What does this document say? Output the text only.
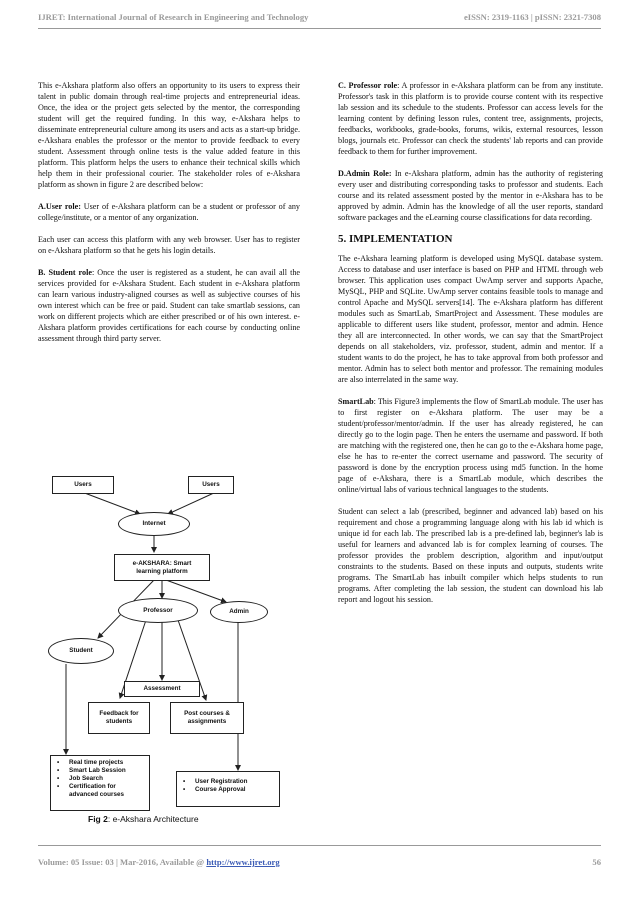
IJRET: International Journal of Research in Engineering and Technology	eISSN: 2319-1163 | pISSN: 2321-7308

This e-Akshara platform also offers an opportunity to its users to express their talent in public domain through real-time projects and entrepreneurial ideas. Once, the idea or the project gets selected by the mentor, the corresponding student will get the required funding. In this way, e-Akshara helps to disseminate entrepreneurial culture among its users and acts as a start-up bridge. e-Akshara enables the professor or the mentor to provide feedback to every student. Assessment through online tests is the value added feature in this platform. This platform helps the users to enhance their technical skills which help them in their professional courier. The stakeholder roles of e-Akshara platform as shown in figure 2 are described below:

A.User role: User of e-Akshara platform can be a student or professor of any college/institute, or a mentor of any organization.

Each user can access this platform with any web browser. User has to register on e-Akshara platform so that he gets his login details.

B. Student role: Once the user is registered as a student, he can avail all the services provided for e-Akshara Student. Each student in e-Akshara platform can learn various industry-aligned courses as well as subjective courses of his own interest which can be free or paid. Student can take smartlab sessions, can work on different projects which are either prescribed or of his own interest. e-Akshara platform provides certifications for each course by conducting online assessment through third party server.

Users	Users
Internet
e-AKSHARA: Smart learning platform
Professor	Admin
Student
Assessment
Feedback for students
Post courses & assignments
•	Real time projects
•	Smart Lab Session
•	Job Search
•	Certification for advanced courses
•	User Registration
•	Course Approval
Fig 2: e-Akshara Architecture

C. Professor role: A professor in e-Akshara platform can be from any institute. Professor's task in this platform is to provide course content with its respective lab session and its schedule to the students. Professor can access levels for the learning content by defining lesson rules, content tree, assignments, projects, feedbacks, workbooks, grade-books, forums, wikis, external resources, lesson blogs, journals etc. Professor can check the students' lab reports and can provide feedback to them for further improvement.

D.Admin Role: In e-Akshara platform, admin has the authority of registering every user and distributing corresponding tasks to professor and students. Each course and its related assessment posted by the mentor in e-Akshara has to be approved by admin. Admin has the knowledge of all the user reports, standard software packages and the eLearning course classifications for data recording.

5. IMPLEMENTATION

The e-Akshara learning platform is developed using MySQL database system. Access to database and user interface is based on PHP and HTML through web browser. This application uses compact UwAmp server and supports Apache, MySQL, PHP and SQLite. UwAmp server contains feasible tools to manage and control Apache and MySQL servers[14]. The e-Akshara platform has different modules such as SmartLab, SmartProject and Assessment. These modules are applicable to different users like student, professor, mentor and admin. Hence they all are interconnected. In other words, we can say that the SmartProject depends on all stakeholders, viz. professor, student, admin and mentor. If a student wants to do the project, he has to take approval from both professor and mentor. Admin has to select both mentor and professor. The remaining modules are also interrelated in the same way.

SmartLab: This Figure3 implements the flow of SmartLab module. The user has to first register on e-Akshara platform. The user may be a student/professor/mentor/admin. If the user has already registered, he can directly go to the login page. Then he enters the username and password. If both are matching with the registered one, then he can go to the e-Akshara home page, else he has to re-enter the correct username and password. The security of password is done by the encryption process using md5 function. In the home page of e-Akshara, there is a SmartLab module, which describes the online/virtual labs of various technical languages to the students.

Student can select a lab (prescribed, beginner and advanced lab) based on his requirement and chose a programming language along with his lab id which is unique id for each lab. The prescribed lab is a pre-defined lab, beginner's lab is useful for learners and advanced lab is for complex learning of courses. The professor provides the problem description, algorithm and input/output constraints to the students. Based on these inputs and outputs, students write programs. The SmartLab has inbuilt compiler which helps students to run programs. After completing the lab session, the student can download his lab report and logout his session.

Volume: 05 Issue: 03 | Mar-2016, Available @ http://www.ijret.org	56
